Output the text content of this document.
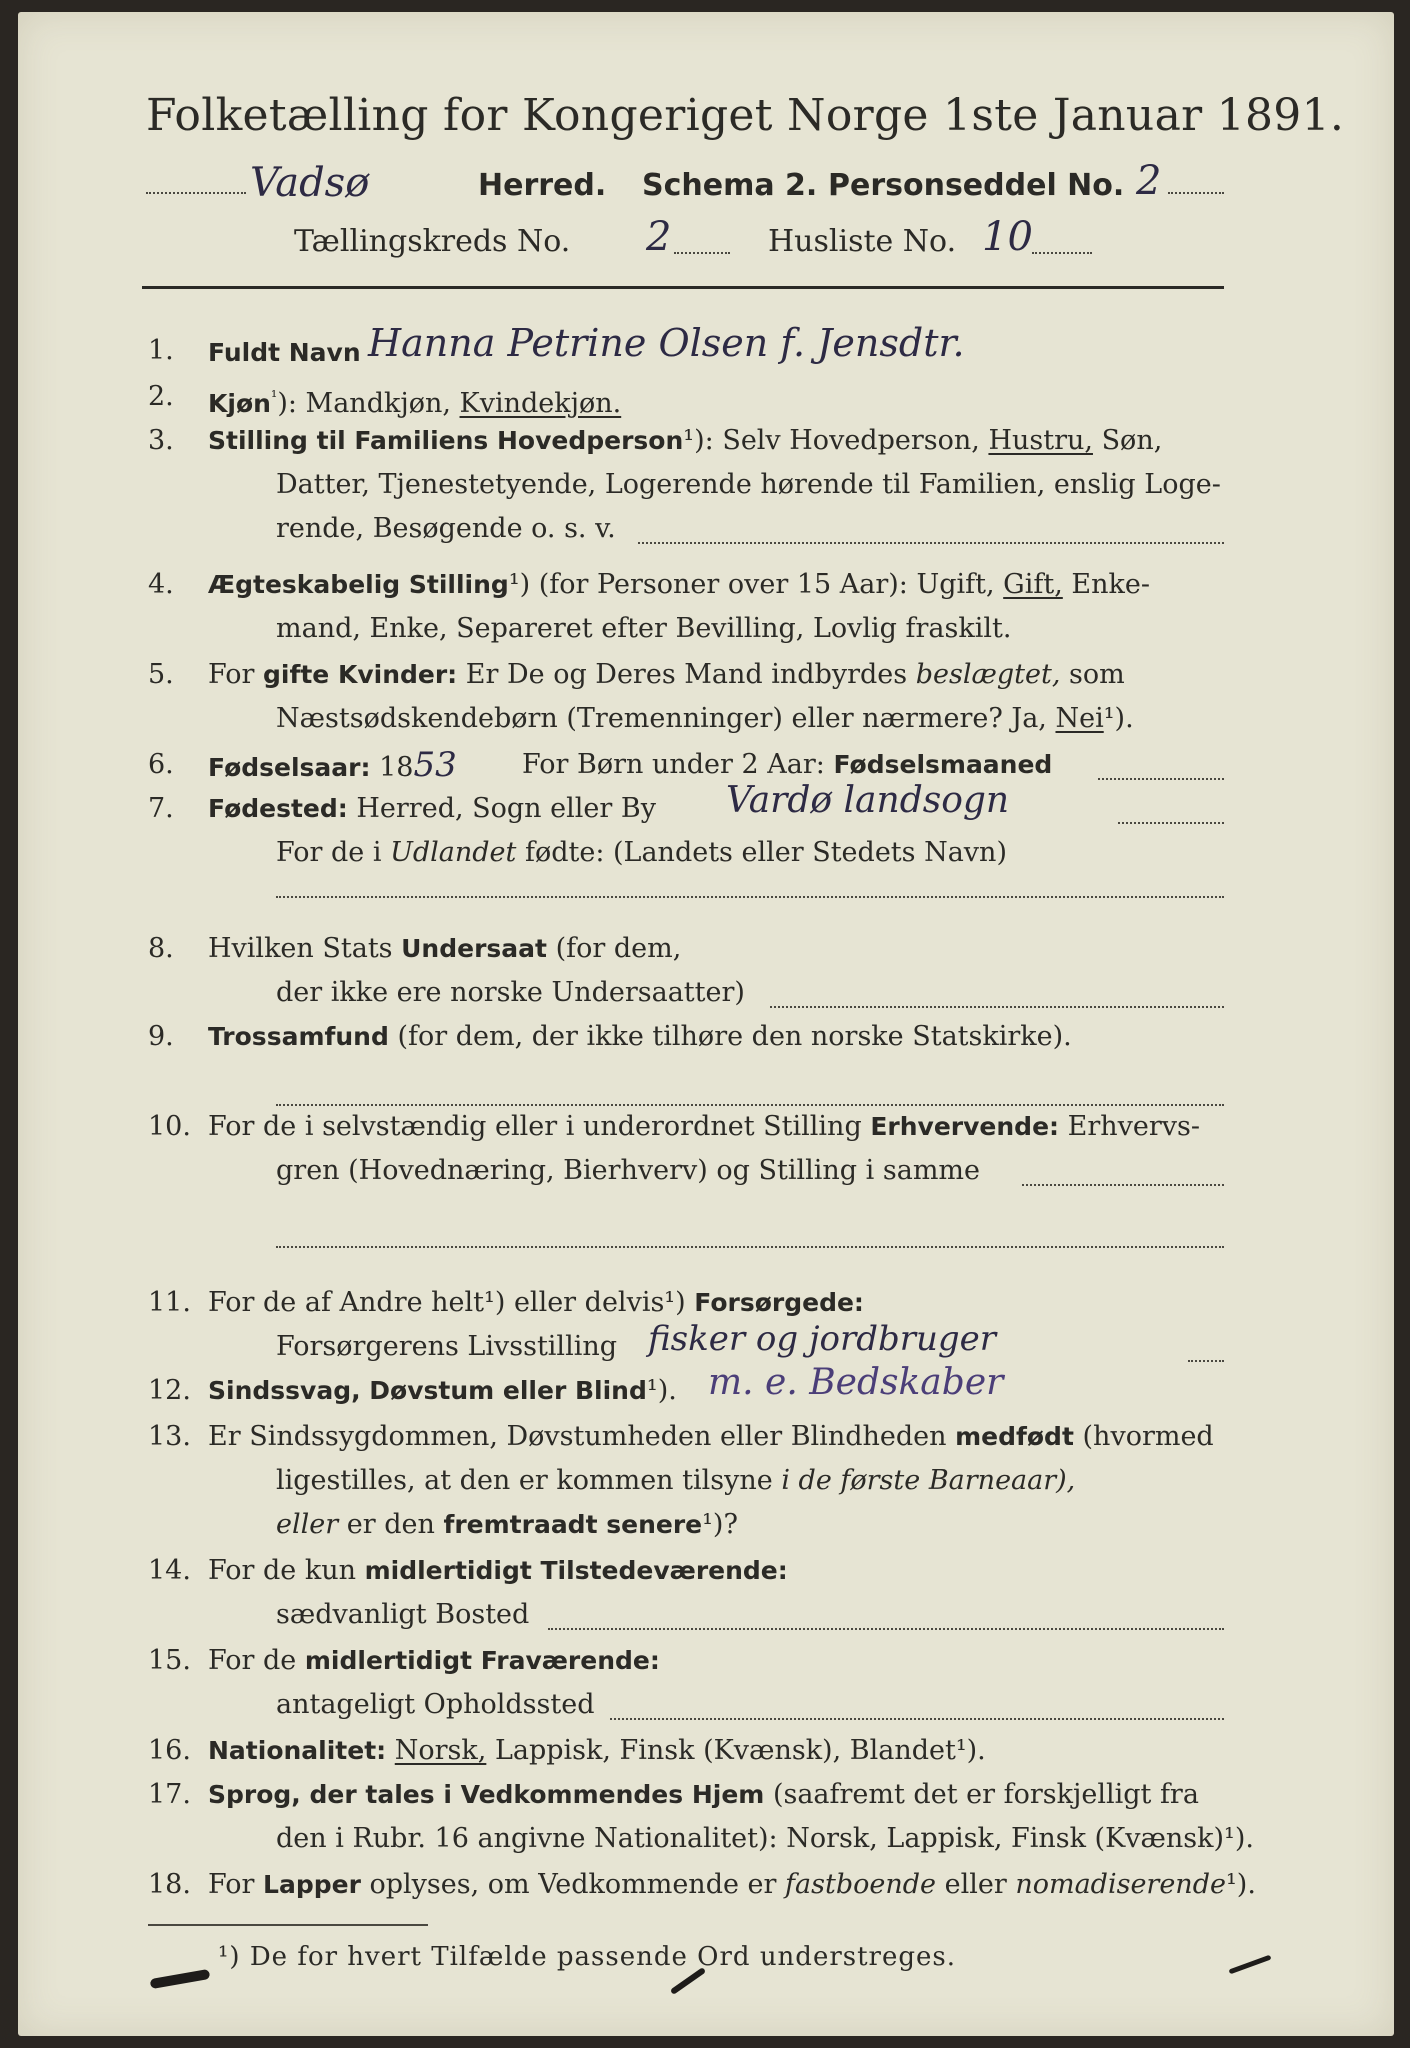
Folketælling for Kongeriget Norge 1ste Januar 1891.
Vadsø	Herred. Schema 2. Personseddel No. 2
Tællingskreds No. 2	Husliste No. 10
1.	Fuldt Navn Hanna Petrine Olsen f. Jensdtr.
2.	Kjøn$^{^1}$): Mandkjøn, Kvindekjøn.
3.	Stilling til Familiens Hovedperson¹): Selv Hovedperson, Hustru, Søn,
Datter, Tjenestetyende, Logerende hørende til Familien, enslig Loge-
rende, Besøgende o. s. v.
4.	Ægteskabelig Stilling¹) (for Personer over 15 Aar): Ugift, Gift, Enke-
mand, Enke, Separeret efter Bevilling, Lovlig fraskilt.
5.	For gifte Kvinder: Er De og Deres Mand indbyrdes beslægtet, som
Næstsødskendebørn (Tremenninger) eller nærmere? Ja, Nei¹).
6.	Fødselsaar: 1853 For Børn under 2 Aar: Fødselsmaaned
7.	Fødested: Herred, Sogn eller By Vardø landsogn
For de i Udlandet fødte: (Landets eller Stedets Navn)
8.	Hvilken Stats Undersaat (for dem,
der ikke ere norske Undersaatter)
9.	Trossamfund (for dem, der ikke tilhøre den norske Statskirke).
10. For de i selvstændig eller i underordnet Stilling Erhvervende: Erhvervs-
gren (Hovednæring, Bierhverv) og Stilling i samme
11. For de af Andre helt¹) eller delvis¹) Forsørgede:
Forsørgerens Livsstilling fisker og jordbruger
12. Sindssvag, Døvstum eller Blind¹). m. e. Bedskaber
13. Er Sindssygdommen, Døvstumheden eller Blindheden medfødt (hvormed
ligestilles, at den er kommen tilsyne i de første Barneaar),
eller er den fremtraadt senere¹)?
14. For de kun midlertidigt Tilstedeværende:
sædvanligt Bosted
15. For de midlertidigt Fraværende:
antageligt Opholdssted
16. Nationalitet: Norsk, Lappisk, Finsk (Kvænsk), Blandet¹).
17. Sprog, der tales i Vedkommendes Hjem (saafremt det er forskjelligt fra
den i Rubr. 16 angivne Nationalitet): Norsk, Lappisk, Finsk (Kvænsk)¹).
18. For Lapper oplyses, om Vedkommende er fastboende eller nomadiserende¹).
¹) De for hvert Tilfælde passende Ord understreges.
